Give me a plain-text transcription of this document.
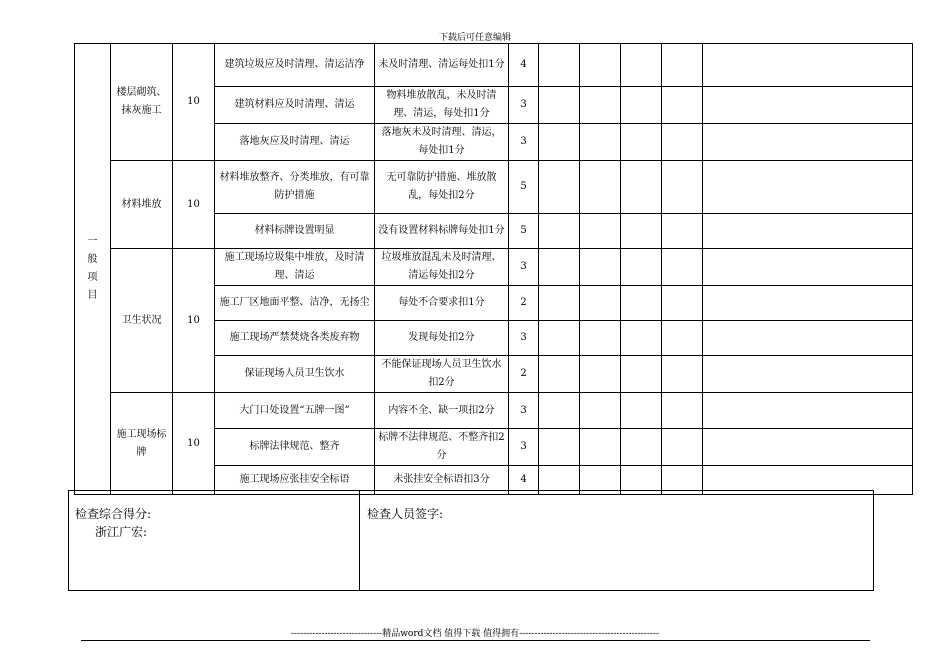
下载后可任意编辑
一
般
项
目	楼层砌筑、抹灰施工	10	建筑垃圾应及时清理、清运洁净	未及时清理、清运每处扣1分	4					
			建筑材料应及时清理、清运	物料堆放散乱，未及时清理、清运，每处扣1分	3					
			落地灰应及时清理、清运	落地灰未及时清理、清运，每处扣1分	3					
	材料堆放	10	材料堆放整齐、分类堆放，有可靠防护措施	无可靠防护措施、堆放散乱，每处扣2分	5					
			材料标牌设置明显	没有设置材料标牌每处扣1分	5					
	卫生状况	10	施工现场垃圾集中堆放，及时清理、清运	垃圾堆放混乱未及时清理、清运每处扣2分	3					
			施工厂区地面平整、洁净，无扬尘	每处不合要求扣1分	2					
			施工现场严禁焚烧各类废弃物	发现每处扣2分	3					
			保证现场人员卫生饮水	不能保证现场人员卫生饮水扣2分	2					
	施工现场标牌	10	大门口处设置“五牌一图”	内容不全、缺一项扣2分	3					
			标牌法律规范、整齐	标牌不法律规范、不整齐扣2分	3					
			施工现场应张挂安全标语	未张挂安全标语扣3分	4					
检查综合得分:
浙江广宏:
检查人员签字:
------------------------------精品word文档 值得下载 值得拥有----------------------------------------------
